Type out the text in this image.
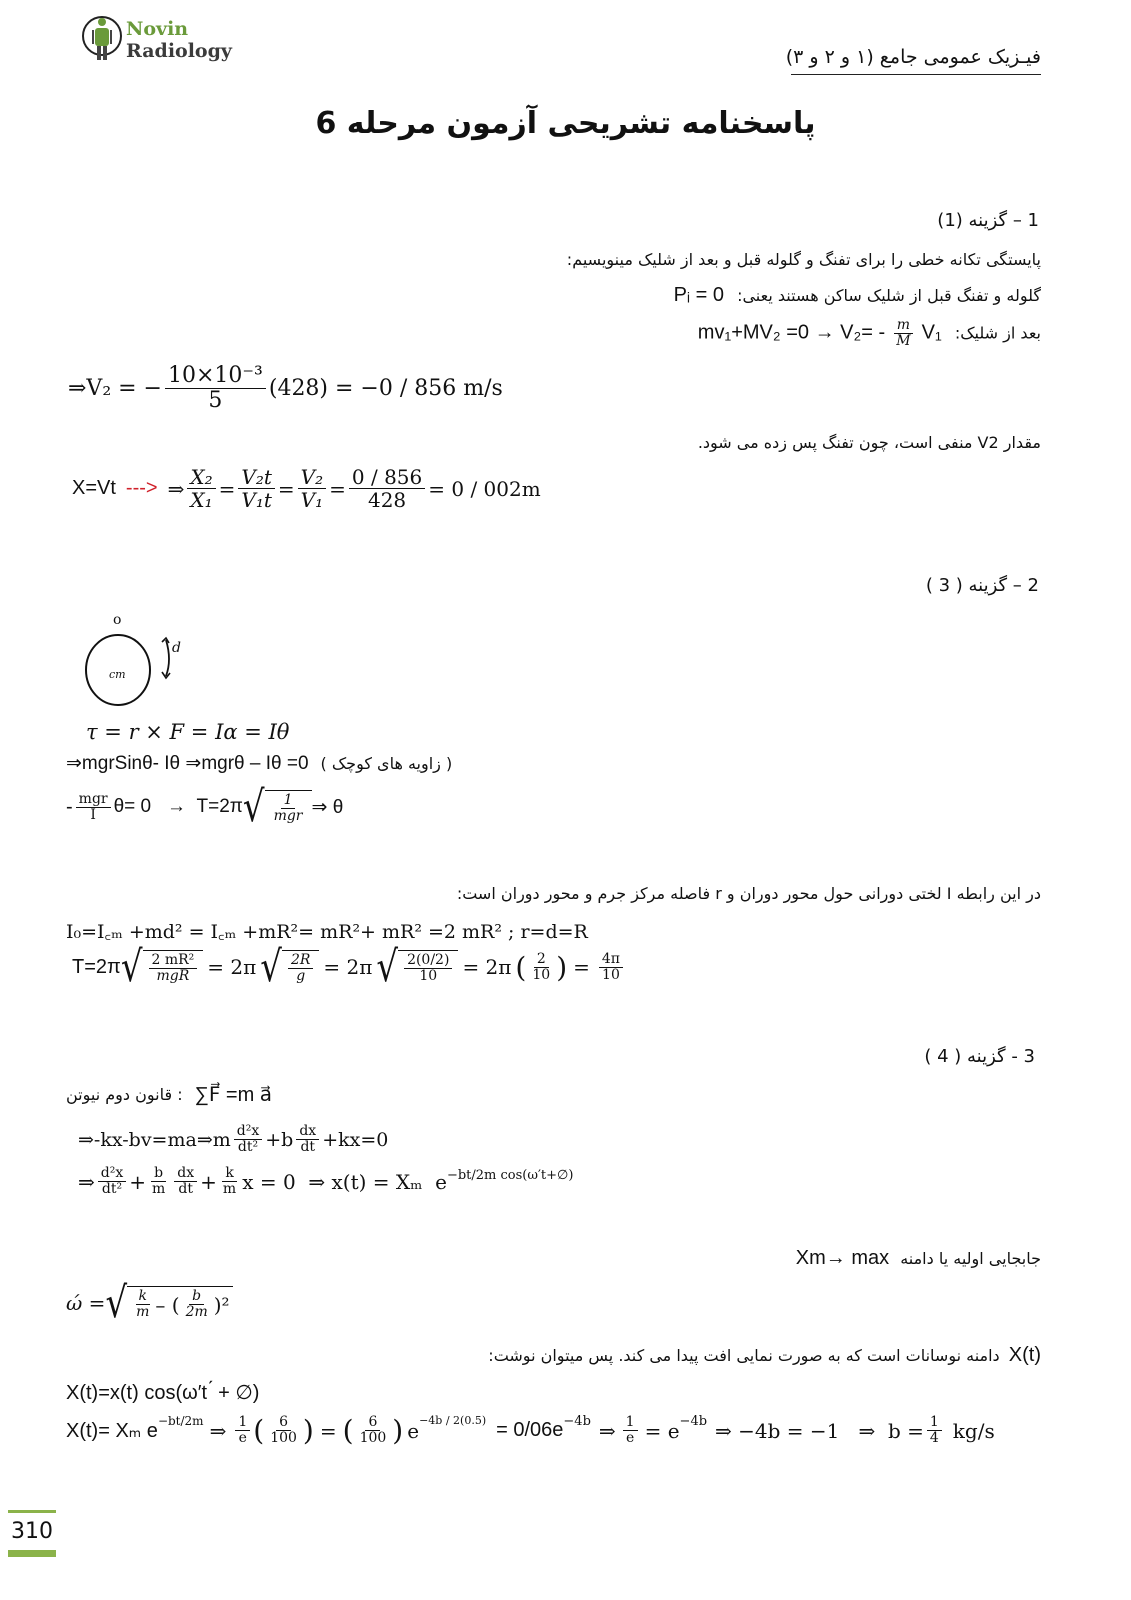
Novin
Radiology	فیـزیک عمومی جامع (۱ و ۲ و ۳)
پاسخنامه تشریحی آزمون مرحله 6
1 – گزینه (1)
پایستگی تکانه خطی را برای تفنگ و گلوله قبل و بعد از شلیک مینویسیم:
گلوله و تفنگ قبل از شلیک ساکن هستند یعنی: Pᵢ = 0
بعد از شلیک: $mv_1+MV_2 =0 \to V_2= - \frac{m}{M} V_1$
⇒V₂ = − $\frac{\text{10×10⁻³}}{5} (428) = -0 / 856$ m/s
مقدار V2 منفی است، چون تفنگ پس زده می شود.
X=Vt ---> ⇒ $\frac{\text{X₂}}{\text{X₁}} = \frac{\text{V₂t}}{\text{V₁t}} = \frac{\text{V₂}}{\text{V₁}} = \frac{0 / 856}{428} = 0 / 002m$
2 – گزینه ( 3 )
ο
cm
d
τ = r × F = Iα = Iθ
⇒mgrSinθ- Iθ ⇒mgrθ – Iθ =0 ( زاویه های کوچک )
- $\frac{\text{mgr}}{I} \theta= 0 \to T=2\pi$ √ $\frac{1}{\text{mgr}}$ ⇒ θ
در این رابطه I لختی دورانی حول محور دوران و r فاصله مرکز جرم و محور دوران است:
I₀=I꜀ₘ +md² = I꜀ₘ +mR²= mR²+ mR² =2 mR² ; r=d=R
T=2π √ $\frac{\text{2 mR²}}{\text{mgR}} = 2\pi$ √ $\frac{2R}{g} = 2\pi$ √ $\frac{2(0/2)}{10} = 2\pi$ ( $\frac{2}{10}$ ) = $\frac{4\pi}{10}$
3 - گزینه ( 4 )
: قانون دوم نیوتن ∑F⃗ =m a⃗
⇒-kx-bv=ma⇒m $\frac{\text{d²x}}{\text{dt²}} +b \frac{dx}{dt} +kx=0$
⇒ $\frac{\text{d²x}}{\text{dt²}} + \frac{b}{m} \frac{dx}{dt} + \frac{k}{m}$ x = 0  ⇒ x(t) = Xₘ  $e^{-bt/2m cos(\omega't+\emptyset)}$
جابجایی اولیه یا دامنه Xm→ max
ώ = √ $\frac{k}{m}$ – ( $\frac{b}{2m} )^2$
X(t) دامنه نوسانات است که به صورت نمایی افت پیدا می کند. پس میتوان نوشت:
X(t)=x(t) cos(ω′t ́ + ∅)
X(t)= Xₘ $e^{-bt/2m}$ ⇒ $\frac{1}{e}$ ( $\frac{6}{100}$ ) = ( $\frac{6}{100}$ ) $e^{-4b / 2(0.5)} = 0/06e^{-4b}$ ⇒ $\frac{1}{e} = e^{-4b}$ ⇒ −4b = −1   ⇒  $b = \frac{1}{4} kg/s$
310
